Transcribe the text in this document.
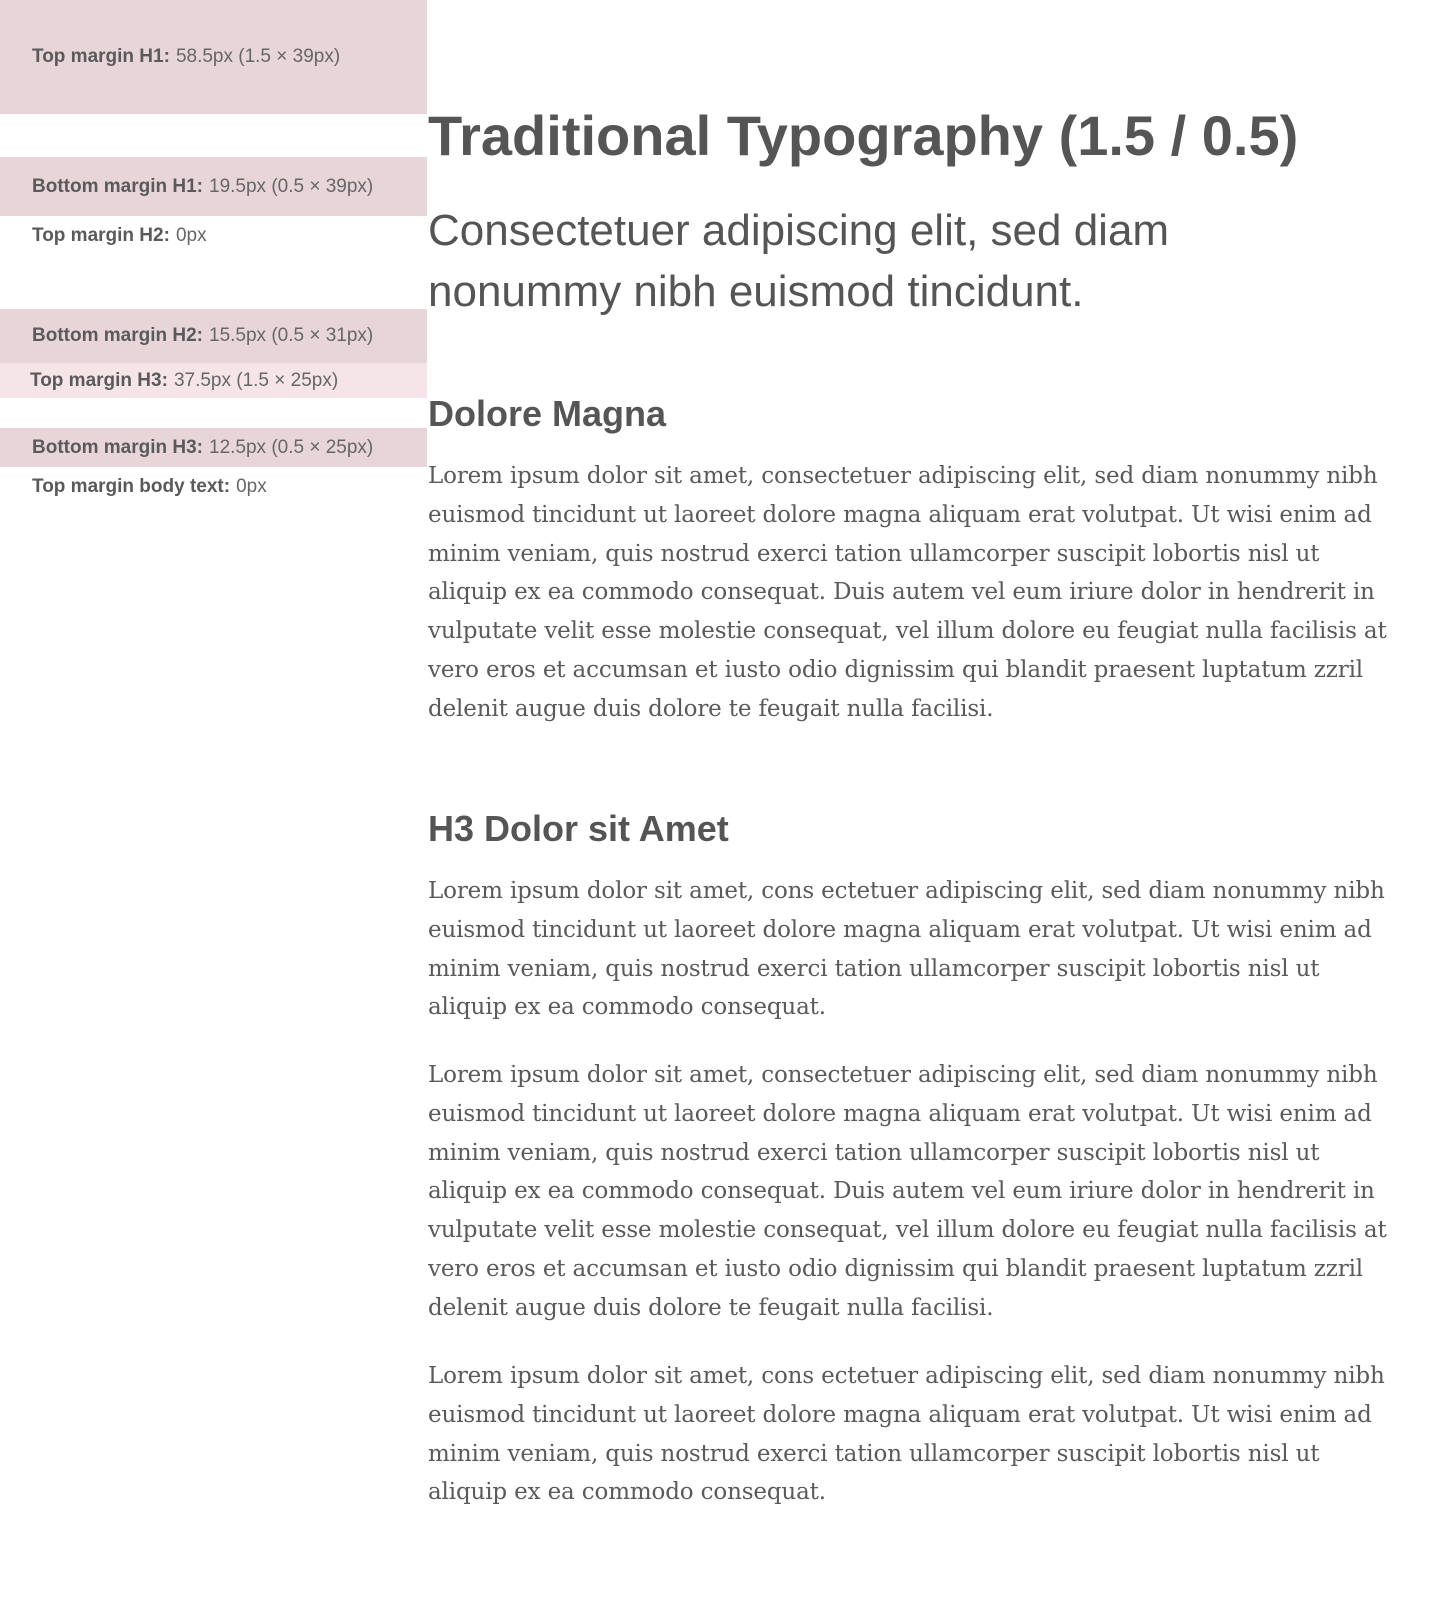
Top margin H1: 58.5px (1.5 × 39px)
Bottom margin H1: 19.5px (0.5 × 39px)
Top margin H2: 0px
Bottom margin H2: 15.5px (0.5 × 31px)
Top margin H3: 37.5px (1.5 × 25px)
Bottom margin H3: 12.5px (0.5 × 25px)
Top margin body text: 0px
Traditional Typography (1.5 / 0.5)
Consectetuer adipiscing elit, sed diam nonummy nibh euismod tincidunt.
Dolore Magna

Lorem ipsum dolor sit amet, consectetuer adipiscing elit, sed diam nonummy nibh euismod tincidunt ut laoreet dolore magna aliquam erat volutpat. Ut wisi enim ad minim veniam, quis nostrud exerci tation ullamcorper suscipit lobortis nisl ut aliquip ex ea commodo consequat. Duis autem vel eum iriure dolor in hendrerit in vulputate velit esse molestie consequat, vel illum dolore eu feugiat nulla facilisis at vero eros et accumsan et iusto odio dignissim qui blandit praesent luptatum zzril delenit augue duis dolore te feugait nulla facilisi.

H3 Dolor sit Amet

Lorem ipsum dolor sit amet, cons ectetuer adipiscing elit, sed diam nonummy nibh euismod tincidunt ut laoreet dolore magna aliquam erat volutpat. Ut wisi enim ad minim veniam, quis nostrud exerci tation ullamcorper suscipit lobortis nisl ut aliquip ex ea commodo consequat.

Lorem ipsum dolor sit amet, consectetuer adipiscing elit, sed diam nonummy nibh euismod tincidunt ut laoreet dolore magna aliquam erat volutpat. Ut wisi enim ad minim veniam, quis nostrud exerci tation ullamcorper suscipit lobortis nisl ut aliquip ex ea commodo consequat. Duis autem vel eum iriure dolor in hendrerit in vulputate velit esse molestie consequat, vel illum dolore eu feugiat nulla facilisis at vero eros et accumsan et iusto odio dignissim qui blandit praesent luptatum zzril delenit augue duis dolore te feugait nulla facilisi.

Lorem ipsum dolor sit amet, cons ectetuer adipiscing elit, sed diam nonummy nibh euismod tincidunt ut laoreet dolore magna aliquam erat volutpat. Ut wisi enim ad minim veniam, quis nostrud exerci tation ullamcorper suscipit lobortis nisl ut aliquip ex ea commodo consequat.
